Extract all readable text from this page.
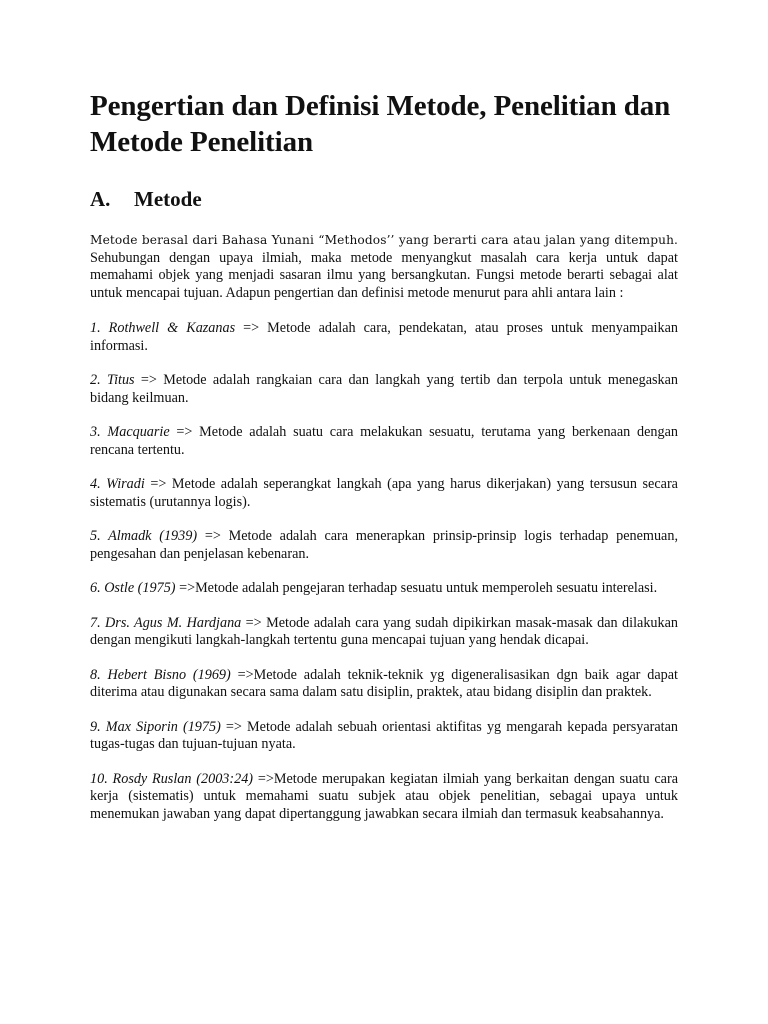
Pengertian dan Definisi Metode, Penelitian dan Metode Penelitian
A.	Metode

Metode berasal dari Bahasa Yunani “Methodos’’ yang berarti cara atau jalan yang ditempuh. Sehubungan dengan upaya ilmiah, maka metode menyangkut masalah cara kerja untuk dapat memahami objek yang menjadi sasaran ilmu yang bersangkutan. Fungsi metode berarti sebagai alat untuk mencapai tujuan. Adapun pengertian dan definisi metode menurut para ahli antara lain :

1. Rothwell & Kazanas => Metode adalah cara, pendekatan, atau proses untuk menyampaikan informasi.
2. Titus => Metode adalah rangkaian cara dan langkah yang tertib dan terpola untuk menegaskan bidang keilmuan.
3. Macquarie => Metode adalah suatu cara melakukan sesuatu, terutama yang berkenaan dengan rencana tertentu.
4. Wiradi => Metode adalah seperangkat langkah (apa yang harus dikerjakan) yang tersusun secara sistematis (urutannya logis).
5. Almadk (1939) => Metode adalah cara menerapkan prinsip-prinsip logis terhadap penemuan, pengesahan dan penjelasan kebenaran.
6. Ostle (1975) =>Metode adalah pengejaran terhadap sesuatu untuk memperoleh sesuatu interelasi.
7. Drs. Agus M. Hardjana => Metode adalah cara yang sudah dipikirkan masak-masak dan dilakukan dengan mengikuti langkah-langkah tertentu guna mencapai tujuan yang hendak dicapai.
8. Hebert Bisno (1969) =>Metode adalah teknik-teknik yg digeneralisasikan dgn baik agar dapat diterima atau digunakan secara sama dalam satu disiplin, praktek, atau bidang disiplin dan praktek.
9. Max Siporin (1975) => Metode adalah sebuah orientasi aktifitas yg mengarah kepada persyaratan tugas-tugas dan tujuan-tujuan nyata.
10. Rosdy Ruslan (2003:24) =>Metode merupakan kegiatan ilmiah yang berkaitan dengan suatu cara kerja (sistematis) untuk memahami suatu subjek atau objek penelitian, sebagai upaya untuk menemukan jawaban yang dapat dipertanggung jawabkan secara ilmiah dan termasuk keabsahannya.
